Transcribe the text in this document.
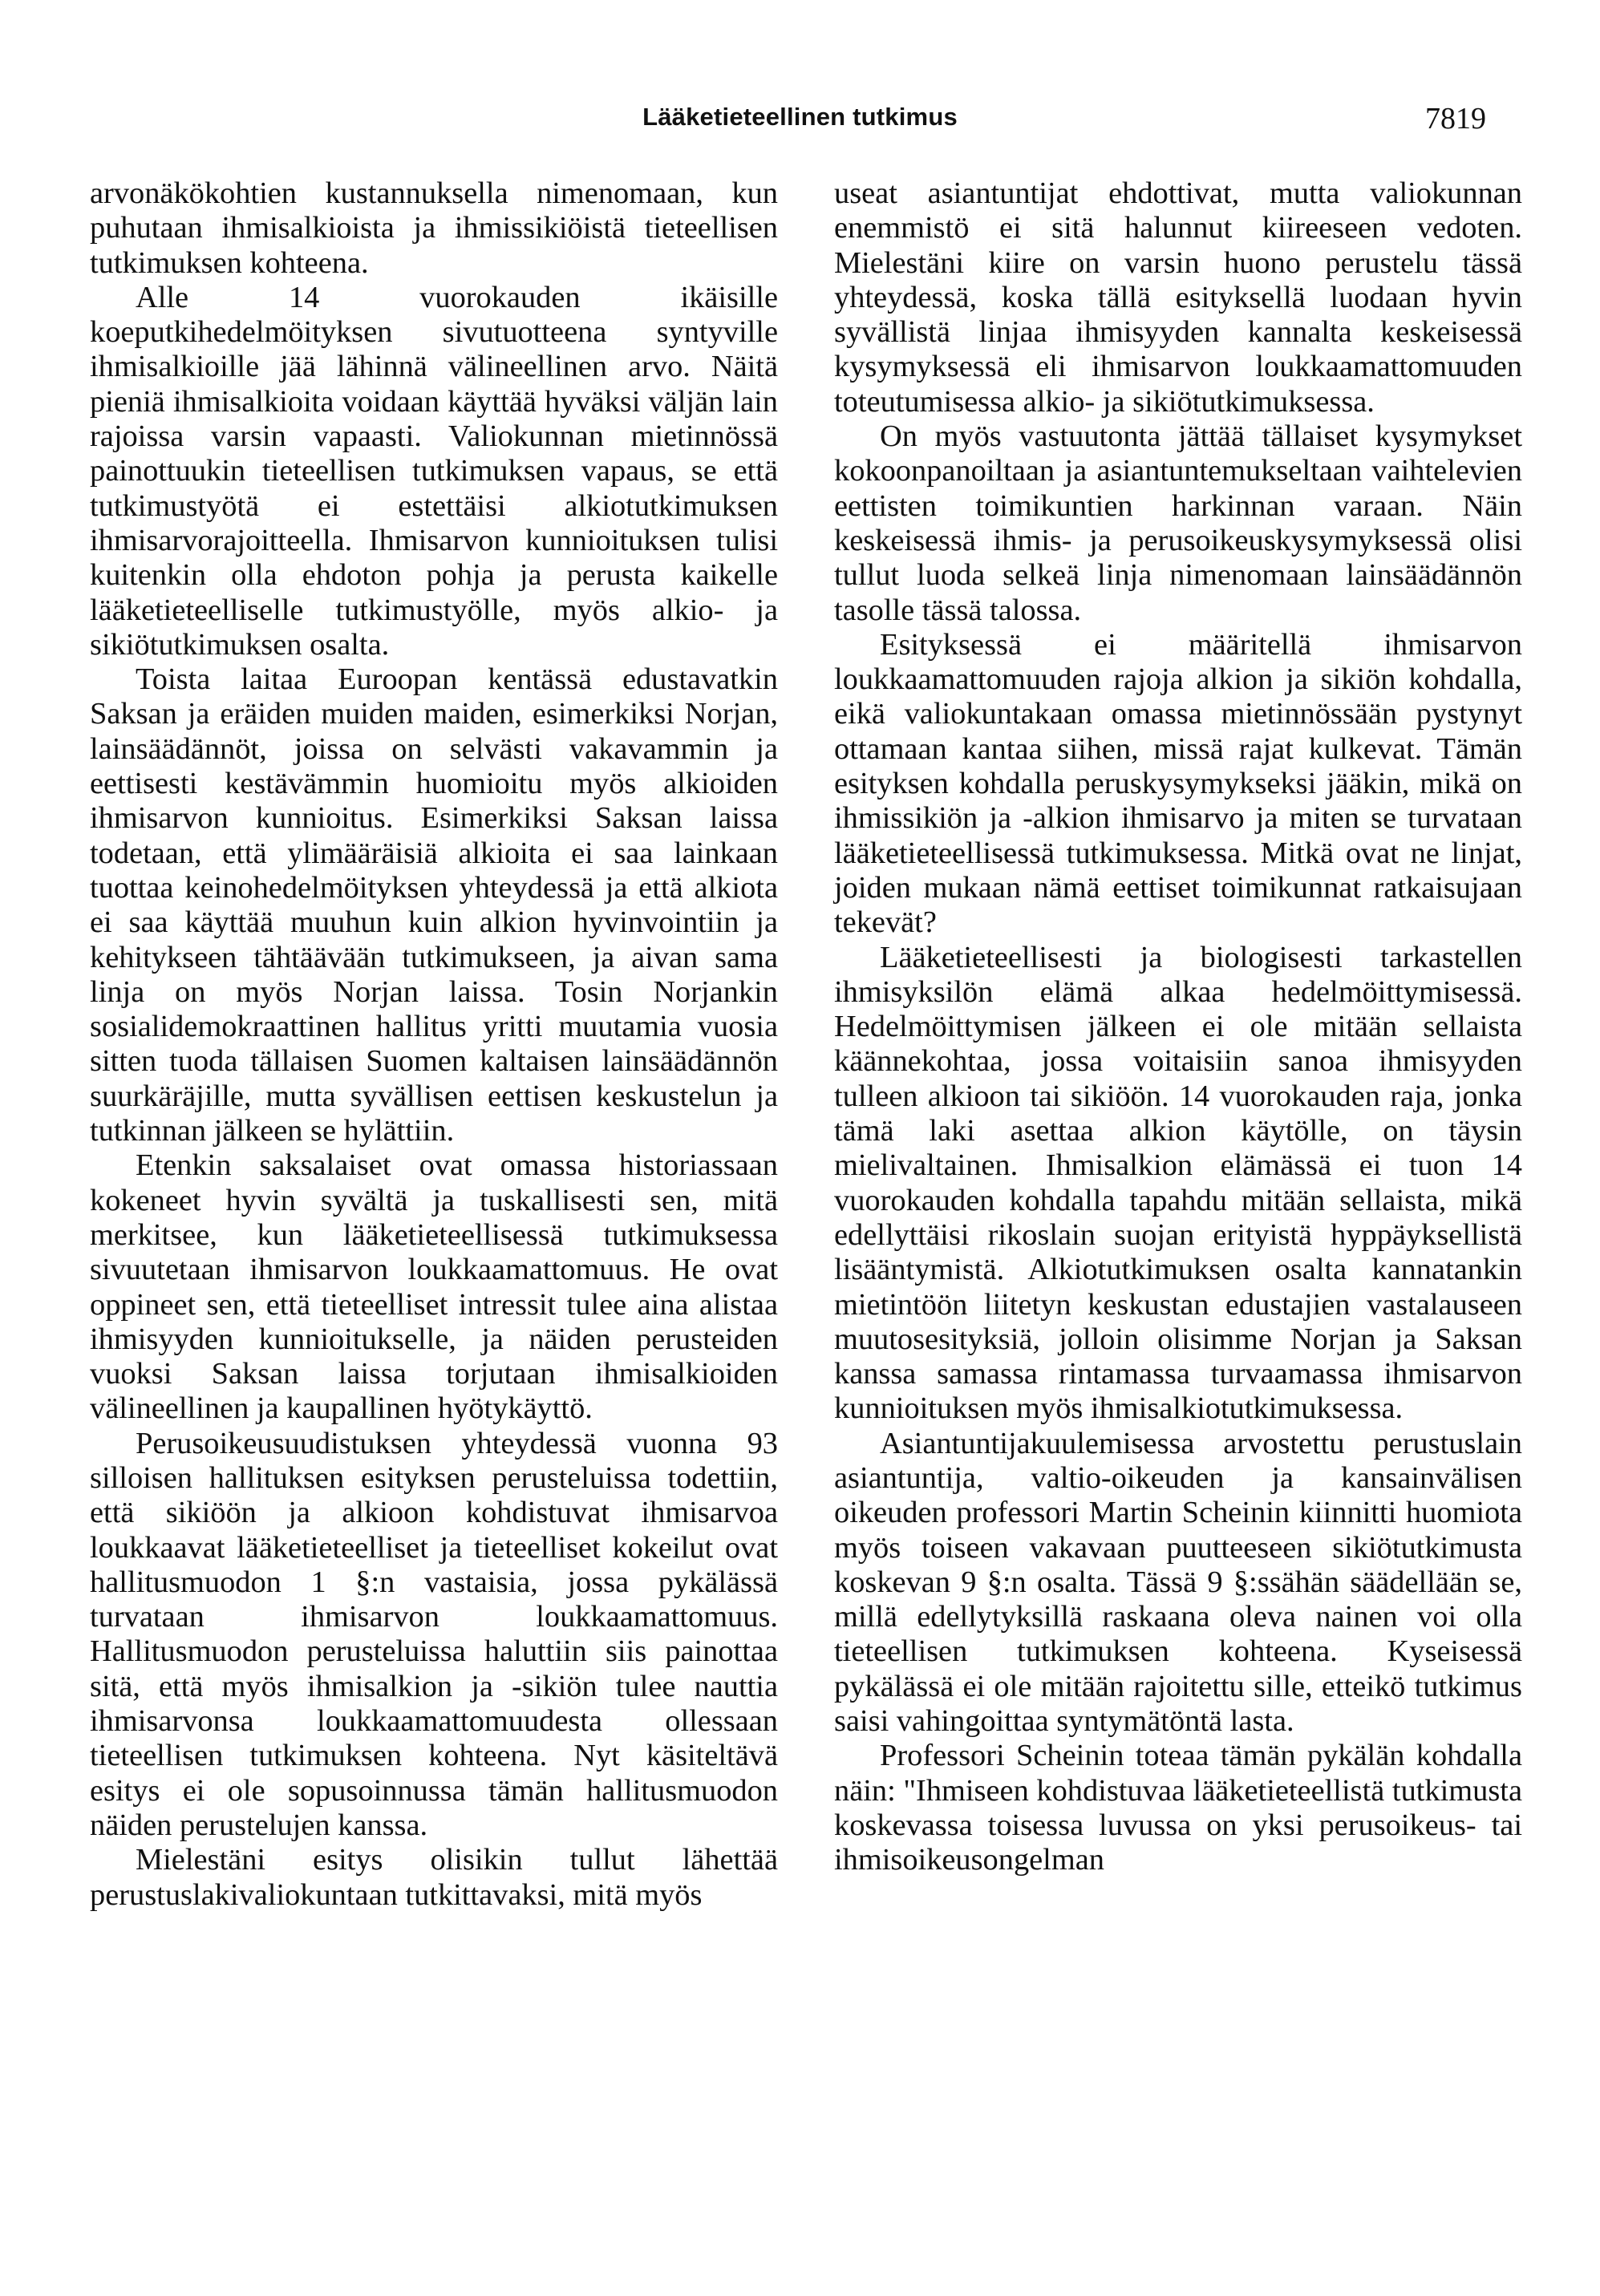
Lääketieteellinen tutkimus	7819

arvonäkökohtien kustannuksella nimenomaan, kun puhutaan ihmisalkioista ja ihmissikiöistä tieteellisen tutkimuksen kohteena.

Alle 14 vuorokauden ikäisille koeputkihedelmöityksen sivutuotteena syntyville ihmisalkioille jää lähinnä välineellinen arvo. Näitä pieniä ihmisalkioita voidaan käyttää hyväksi väljän lain rajoissa varsin vapaasti. Valiokunnan mietinnössä painottuukin tieteellisen tutkimuksen vapaus, se että tutkimustyötä ei estettäisi alkiotutkimuksen ihmisarvorajoitteella. Ihmisarvon kunnioituksen tulisi kuitenkin olla ehdoton pohja ja perusta kaikelle lääketieteelliselle tutkimustyölle, myös alkio- ja sikiötutkimuksen osalta.

Toista laitaa Euroopan kentässä edustavatkin Saksan ja eräiden muiden maiden, esimerkiksi Norjan, lainsäädännöt, joissa on selvästi vakavammin ja eettisesti kestävämmin huomioitu myös alkioiden ihmisarvon kunnioitus. Esimerkiksi Saksan laissa todetaan, että ylimääräisiä alkioita ei saa lainkaan tuottaa keinohedelmöityksen yhteydessä ja että alkiota ei saa käyttää muuhun kuin alkion hyvinvointiin ja kehitykseen tähtäävään tutkimukseen, ja aivan sama linja on myös Norjan laissa. Tosin Norjankin sosialidemokraattinen hallitus yritti muutamia vuosia sitten tuoda tällaisen Suomen kaltaisen lainsäädännön suurkäräjille, mutta syvällisen eettisen keskustelun ja tutkinnan jälkeen se hylättiin.

Etenkin saksalaiset ovat omassa historiassaan kokeneet hyvin syvältä ja tuskallisesti sen, mitä merkitsee, kun lääketieteellisessä tutkimuksessa sivuutetaan ihmisarvon loukkaamattomuus. He ovat oppineet sen, että tieteelliset intressit tulee aina alistaa ihmisyyden kunnioitukselle, ja näiden perusteiden vuoksi Saksan laissa torjutaan ihmisalkioiden välineellinen ja kaupallinen hyötykäyttö.

Perusoikeusuudistuksen yhteydessä vuonna 93 silloisen hallituksen esityksen perusteluissa todettiin, että sikiöön ja alkioon kohdistuvat ihmisarvoa loukkaavat lääketieteelliset ja tieteelliset kokeilut ovat hallitusmuodon 1 §:n vastaisia, jossa pykälässä turvataan ihmisarvon loukkaamattomuus. Hallitusmuodon perusteluissa haluttiin siis painottaa sitä, että myös ihmisalkion ja -sikiön tulee nauttia ihmisarvonsa loukkaamattomuudesta ollessaan tieteellisen tutkimuksen kohteena. Nyt käsiteltävä esitys ei ole sopusoinnussa tämän hallitusmuodon näiden perustelujen kanssa.

Mielestäni esitys olisikin tullut lähettää perustuslakivaliokuntaan tutkittavaksi, mitä myös

useat asiantuntijat ehdottivat, mutta valiokunnan enemmistö ei sitä halunnut kiireeseen vedoten. Mielestäni kiire on varsin huono perustelu tässä yhteydessä, koska tällä esityksellä luodaan hyvin syvällistä linjaa ihmisyyden kannalta keskeisessä kysymyksessä eli ihmisarvon loukkaamattomuuden toteutumisessa alkio- ja sikiötutkimuksessa.

On myös vastuutonta jättää tällaiset kysymykset kokoonpanoiltaan ja asiantuntemukseltaan vaihtelevien eettisten toimikuntien harkinnan varaan. Näin keskeisessä ihmis- ja perusoikeuskysymyksessä olisi tullut luoda selkeä linja nimenomaan lainsäädännön tasolle tässä talossa.

Esityksessä ei määritellä ihmisarvon loukkaamattomuuden rajoja alkion ja sikiön kohdalla, eikä valiokuntakaan omassa mietinnössään pystynyt ottamaan kantaa siihen, missä rajat kulkevat. Tämän esityksen kohdalla peruskysymykseksi jääkin, mikä on ihmissikiön ja -alkion ihmisarvo ja miten se turvataan lääketieteellisessä tutkimuksessa. Mitkä ovat ne linjat, joiden mukaan nämä eettiset toimikunnat ratkaisujaan tekevät?

Lääketieteellisesti ja biologisesti tarkastellen ihmisyksilön elämä alkaa hedelmöittymisessä. Hedelmöittymisen jälkeen ei ole mitään sellaista käännekohtaa, jossa voitaisiin sanoa ihmisyyden tulleen alkioon tai sikiöön. 14 vuorokauden raja, jonka tämä laki asettaa alkion käytölle, on täysin mielivaltainen. Ihmisalkion elämässä ei tuon 14 vuorokauden kohdalla tapahdu mitään sellaista, mikä edellyttäisi rikoslain suojan erityistä hyppäyksellistä lisääntymistä. Alkiotutkimuksen osalta kannatankin mietintöön liitetyn keskustan edustajien vastalauseen muutosesityksiä, jolloin olisimme Norjan ja Saksan kanssa samassa rintamassa turvaamassa ihmisarvon kunnioituksen myös ihmisalkiotutkimuksessa.

Asiantuntijakuulemisessa arvostettu perustuslain asiantuntija, valtio-oikeuden ja kansainvälisen oikeuden professori Martin Scheinin kiinnitti huomiota myös toiseen vakavaan puutteeseen sikiötutkimusta koskevan 9 §:n osalta. Tässä 9 §:ssähän säädellään se, millä edellytyksillä raskaana oleva nainen voi olla tieteellisen tutkimuksen kohteena. Kyseisessä pykälässä ei ole mitään rajoitettu sille, etteikö tutkimus saisi vahingoittaa syntymätöntä lasta.

Professori Scheinin toteaa tämän pykälän kohdalla näin: "Ihmiseen kohdistuvaa lääketieteellistä tutkimusta koskevassa toisessa luvussa on yksi perusoikeus- tai ihmisoikeusongelman
